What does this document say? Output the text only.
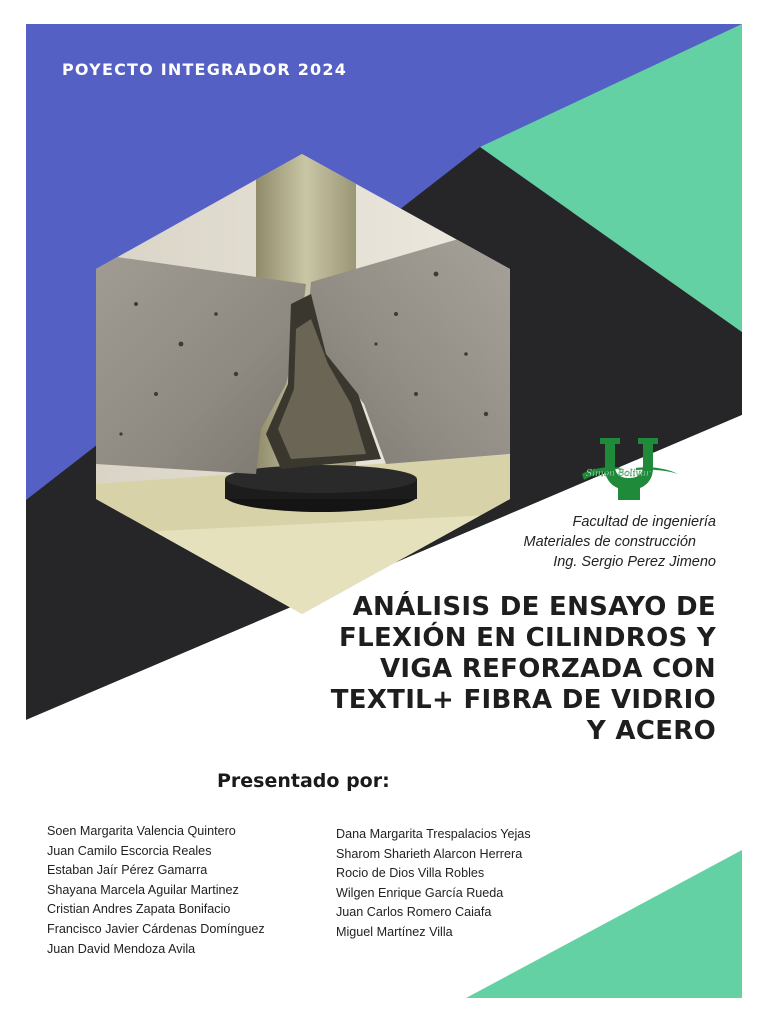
POYECTO INTEGRADOR 2024
Simon Bolivar
Facultad de ingeniería
Materiales de construcción
Ing. Sergio Perez Jimeno
ANÁLISIS DE ENSAYO DE
FLEXIÓN EN CILINDROS Y
VIGA REFORZADA CON
TEXTIL+ FIBRA DE VIDRIO
Y ACERO
Presentado por:
Soen Margarita Valencia Quintero
Juan Camilo Escorcia Reales
Estaban Jaír Pérez Gamarra
Shayana Marcela Aguilar Martinez
Cristian Andres Zapata Bonifacio
Francisco Javier Cárdenas Domínguez
Juan David Mendoza Avila
Dana Margarita Trespalacios Yejas
Sharom Sharieth Alarcon Herrera
Rocio de Dios Villa Robles
Wilgen Enrique García Rueda
Juan Carlos Romero Caiafa
Miguel Martínez Villa
